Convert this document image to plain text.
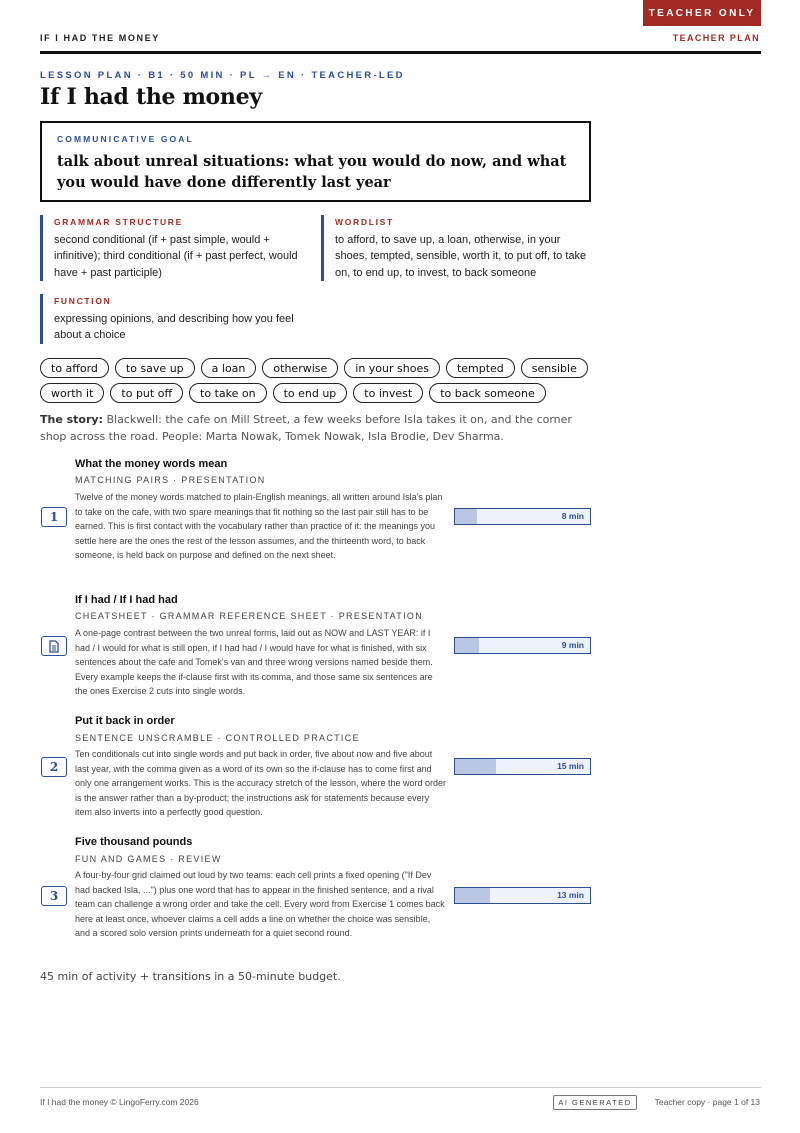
TEACHER ONLY
IF I HAD THE MONEY	TEACHER PLAN
LESSON PLAN · B1 · 50 MIN · PL → EN · TEACHER-LED
If I had the money
COMMUNICATIVE GOAL
talk about unreal situations: what you would do now, and what you would have done differently last year
GRAMMAR STRUCTURE
second conditional (if + past simple, would + infinitive); third conditional (if + past perfect, would have + past participle)
WORDLIST
to afford, to save up, a loan, otherwise, in your shoes, tempted, sensible, worth it, to put off, to take on, to end up, to invest, to back someone
FUNCTION
expressing opinions, and describing how you feel about a choice
to afford	to save up	a loan	otherwise	in your shoes	tempted	sensible
worth it	to put off	to take on	to end up	to invest	to back someone

The story: Blackwell: the cafe on Mill Street, a few weeks before Isla takes it on, and the corner shop across the road. People: Marta Nowak, Tomek Nowak, Isla Brodie, Dev Sharma.

What the money words mean
MATCHING PAIRS · PRESENTATION
Twelve of the money words matched to plain-English meanings, all written around Isla's plan to take on the cafe, with two spare meanings that fit nothing so the last pair still has to be earned. This is first contact with the vocabulary rather than practice of it: the meanings you settle here are the ones the rest of the lesson assumes, and the thirteenth word, to back someone, is held back on purpose and defined on the next sheet.
1	8 min
If I had / If I had had
CHEATSHEET · GRAMMAR REFERENCE SHEET · PRESENTATION
A one-page contrast between the two unreal forms, laid out as NOW and LAST YEAR: if I had / I would for what is still open, if I had had / I would have for what is finished, with six sentences about the cafe and Tomek's van and three wrong versions named beside them. Every example keeps the if-clause first with its comma, and those same six sentences are the ones Exercise 2 cuts into single words.
9 min
Put it back in order
SENTENCE UNSCRAMBLE · CONTROLLED PRACTICE
Ten conditionals cut into single words and put back in order, five about now and five about last year, with the comma given as a word of its own so the if-clause has to come first and only one arrangement works. This is the accuracy stretch of the lesson, where the word order is the answer rather than a by-product; the instructions ask for statements because every item also inverts into a perfectly good question.
2	15 min
Five thousand pounds
FUN AND GAMES · REVIEW
A four-by-four grid claimed out loud by two teams: each cell prints a fixed opening ("If Dev had backed Isla, ...") plus one word that has to appear in the finished sentence, and a rival team can challenge a wrong order and take the cell. Every word from Exercise 1 comes back here at least once, whoever claims a cell adds a line on whether the choice was sensible, and a scored solo version prints underneath for a quiet second round.
3	13 min
45 min of activity + transitions in a 50-minute budget.
If I had the money © LingoFerry.com 2026	AI GENERATED	Teacher copy · page 1 of 13
